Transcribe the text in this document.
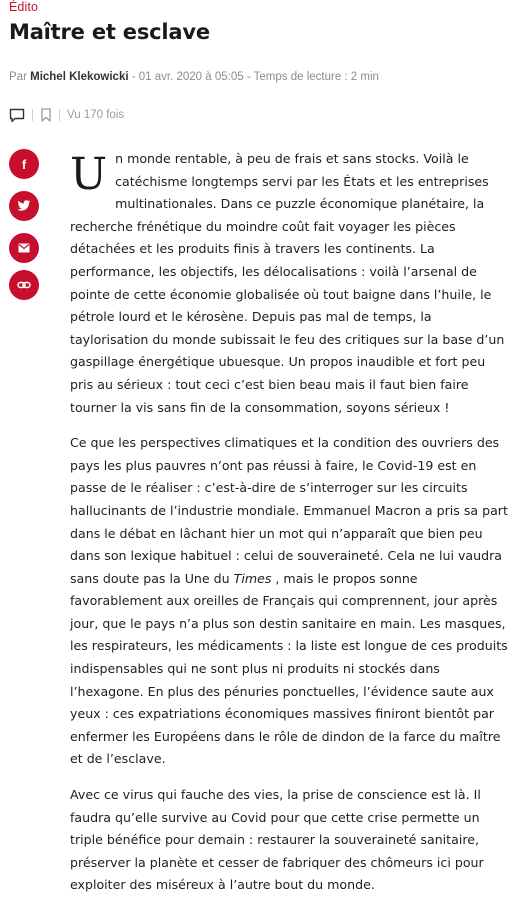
Édito
Maître et esclave
Par Michel Klekowicki - 01 avr. 2020 à 05:05 - Temps de lecture : 2 min
Vu 170 fois
f Un monde rentable, à peu de frais et sans stocks. Voilà le catéchisme longtemps servi par les États et les entreprises multinationales. Dans ce puzzle économique planétaire, la recherche frénétique du moindre coût fait voyager les pièces détachées et les produits finis à travers les continents. La performance, les objectifs, les délocalisations : voilà l’arsenal de pointe de cette économie globalisée où tout baigne dans l’huile, le pétrole lourd et le kérosène. Depuis pas mal de temps, la taylorisation du monde subissait le feu des critiques sur la base d’un gaspillage énergétique ubuesque. Un propos inaudible et fort peu pris au sérieux : tout ceci c’est bien beau mais il faut bien faire tourner la vis sans fin de la consommation, soyons sérieux !

Ce que les perspectives climatiques et la condition des ouvriers des pays les plus pauvres n’ont pas réussi à faire, le Covid-19 est en passe de le réaliser : c’est-à-dire de s’interroger sur les circuits hallucinants de l’industrie mondiale. Emmanuel Macron a pris sa part dans le débat en lâchant hier un mot qui n’apparaît que bien peu dans son lexique habituel : celui de souveraineté. Cela ne lui vaudra sans doute pas la Une du Times , mais le propos sonne favorablement aux oreilles de Français qui comprennent, jour après jour, que le pays n’a plus son destin sanitaire en main. Les masques, les respirateurs, les médicaments : la liste est longue de ces produits indispensables qui ne sont plus ni produits ni stockés dans l’hexagone. En plus des pénuries ponctuelles, l’évidence saute aux yeux : ces expatriations économiques massives finiront bientôt par enfermer les Européens dans le rôle de dindon de la farce du maître et de l’esclave.

Avec ce virus qui fauche des vies, la prise de conscience est là. Il faudra qu’elle survive au Covid pour que cette crise permette un triple bénéfice pour demain : restaurer la souveraineté sanitaire, préserver la planète et cesser de fabriquer des chômeurs ici pour exploiter des miséreux à l’autre bout du monde.
